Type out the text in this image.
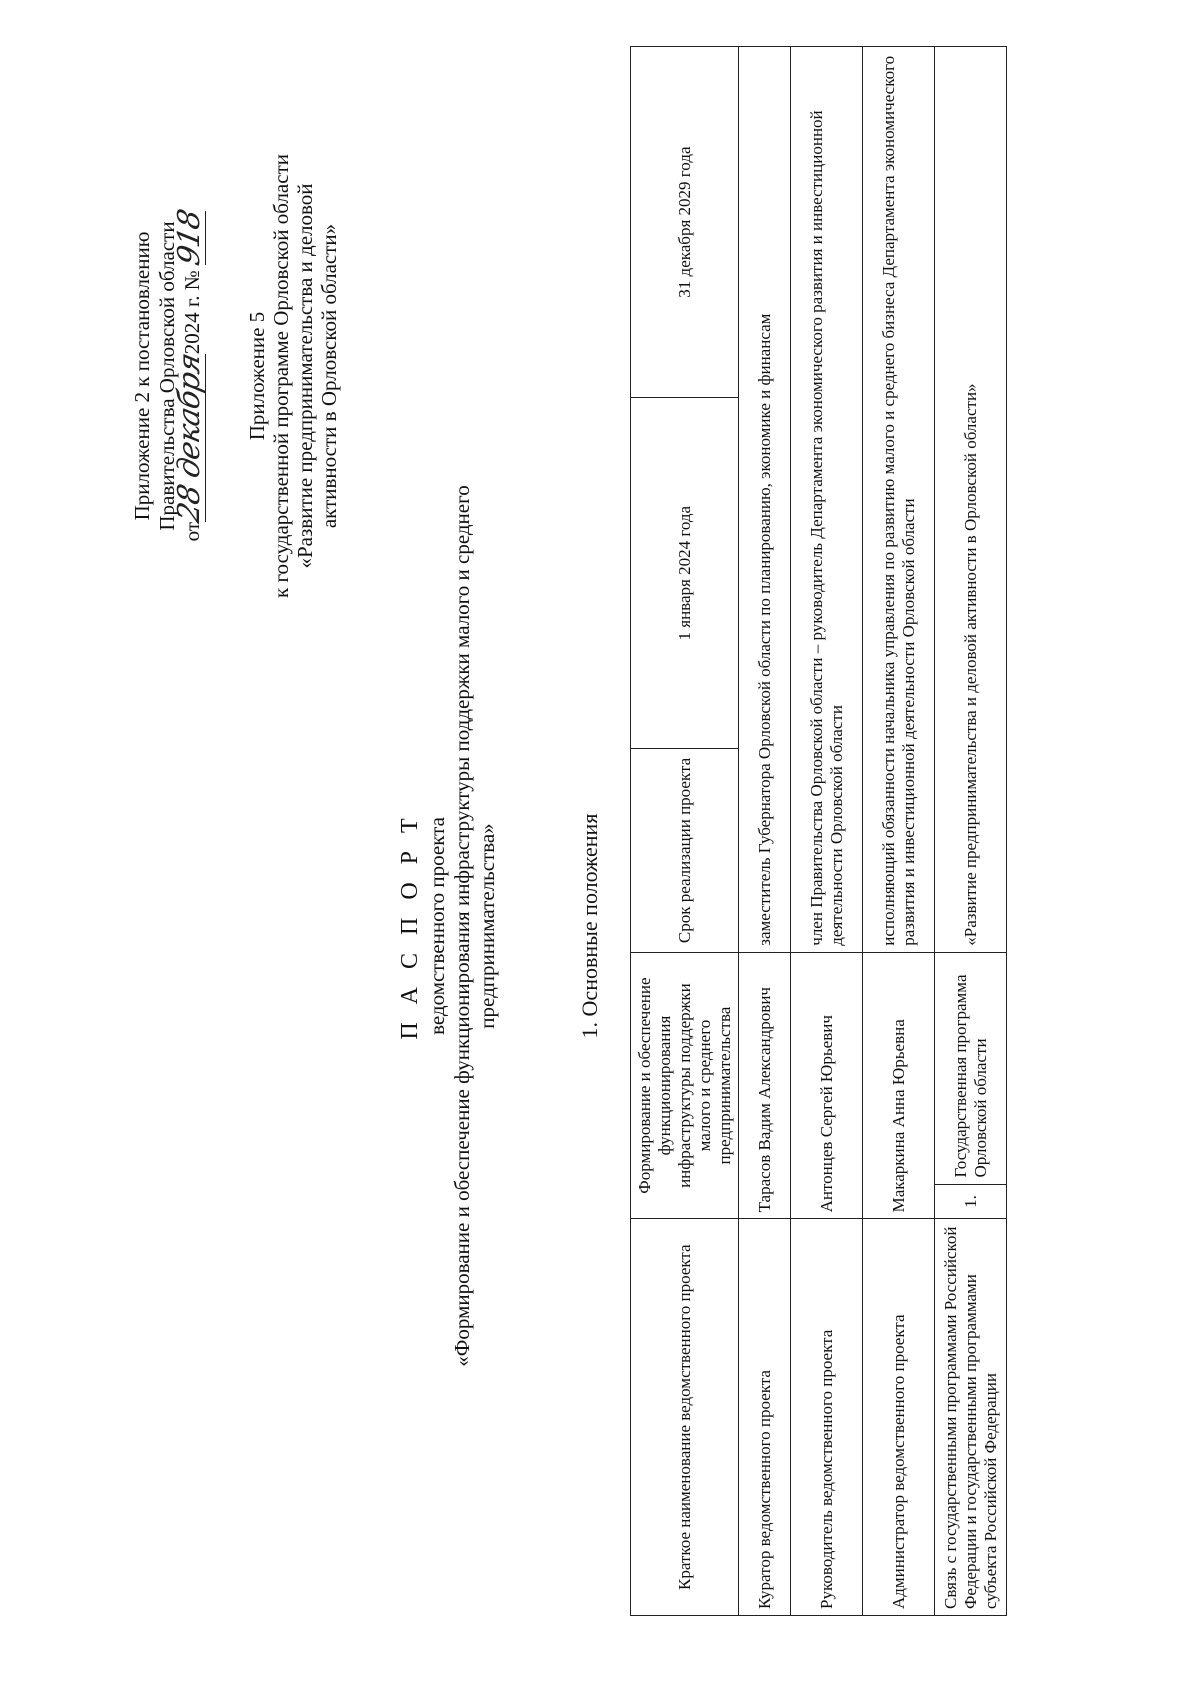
Приложение 2 к постановлению Правительства Орловской области
от28 декабря2024 г. № 918
Приложение 5 к государственной программе Орловской области «Развитие предпринимательства и деловой активности в Орловской области»
П А С П О Р Т ведомственного проекта «Формирование и обеспечение функционирования инфраструктуры поддержки малого и среднего предпринимательства»	1. Основные положения
Краткое наименование ведомственного проекта	Формирование и обеспечение функционирования инфраструктуры поддержки малого и среднего предпринимательства		Срок реализации проекта	1 января 2024 года	31 декабря 2029 года
Куратор ведомственного проекта	Тарасов Вадим Александрович		заместитель Губернатора Орловской области по планированию, экономике и финансам		
Руководитель ведомственного проекта	Антонцев Сергей Юрьевич		член Правительства Орловской области – руководитель Департамента экономического развития и инвестиционной деятельности Орловской области		
Администратор ведомственного проекта	Макаркина Анна Юрьевна		исполняющий обязанности начальника управления по развитию малого и среднего бизнеса Департамента экономического развития и инвестиционной деятельности Орловской области		
Связь с государственными программами Российской Федерации и государственными программами субъекта Российской Федерации	1.	Государственная программа Орловской области	«Развитие предпринимательства и деловой активности в Орловской области»		
